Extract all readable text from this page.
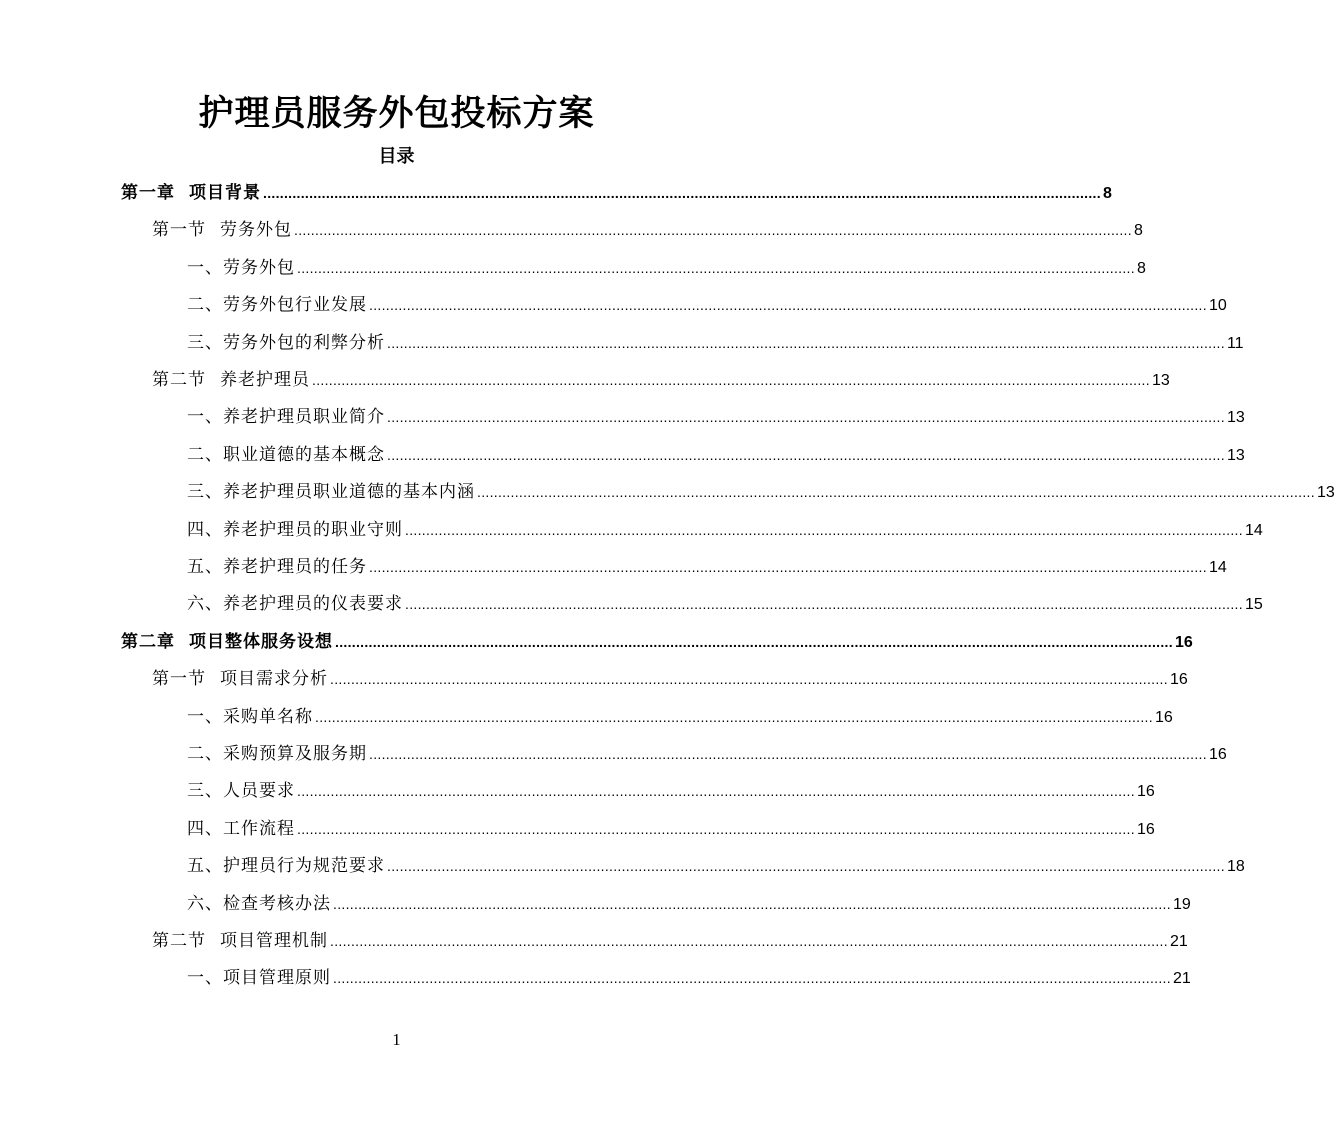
护理员服务外包投标方案
目录
第一章 项目背景 ........................................................................................................................................................................................................ 8
第一节 劳务外包 ........................................................................................................................................................................................................ 8
一、劳务外包 ........................................................................................................................................................................................................ 8
二、劳务外包行业发展 ........................................................................................................................................................................................................ 10
三、劳务外包的利弊分析 ........................................................................................................................................................................................................ 11
第二节 养老护理员 ........................................................................................................................................................................................................ 13
一、养老护理员职业简介 ........................................................................................................................................................................................................ 13
二、职业道德的基本概念 ........................................................................................................................................................................................................ 13
三、养老护理员职业道德的基本内涵 ........................................................................................................................................................................................................ 13
四、养老护理员的职业守则 ........................................................................................................................................................................................................ 14
五、养老护理员的任务 ........................................................................................................................................................................................................ 14
六、养老护理员的仪表要求 ........................................................................................................................................................................................................ 15
第二章 项目整体服务设想 ........................................................................................................................................................................................................ 16
第一节 项目需求分析 ........................................................................................................................................................................................................ 16
一、采购单名称 ........................................................................................................................................................................................................ 16
二、采购预算及服务期 ........................................................................................................................................................................................................ 16
三、人员要求 ........................................................................................................................................................................................................ 16
四、工作流程 ........................................................................................................................................................................................................ 16
五、护理员行为规范要求 ........................................................................................................................................................................................................ 18
六、检查考核办法 ........................................................................................................................................................................................................ 19
第二节 项目管理机制 ........................................................................................................................................................................................................ 21
一、项目管理原则 ........................................................................................................................................................................................................ 21
1
